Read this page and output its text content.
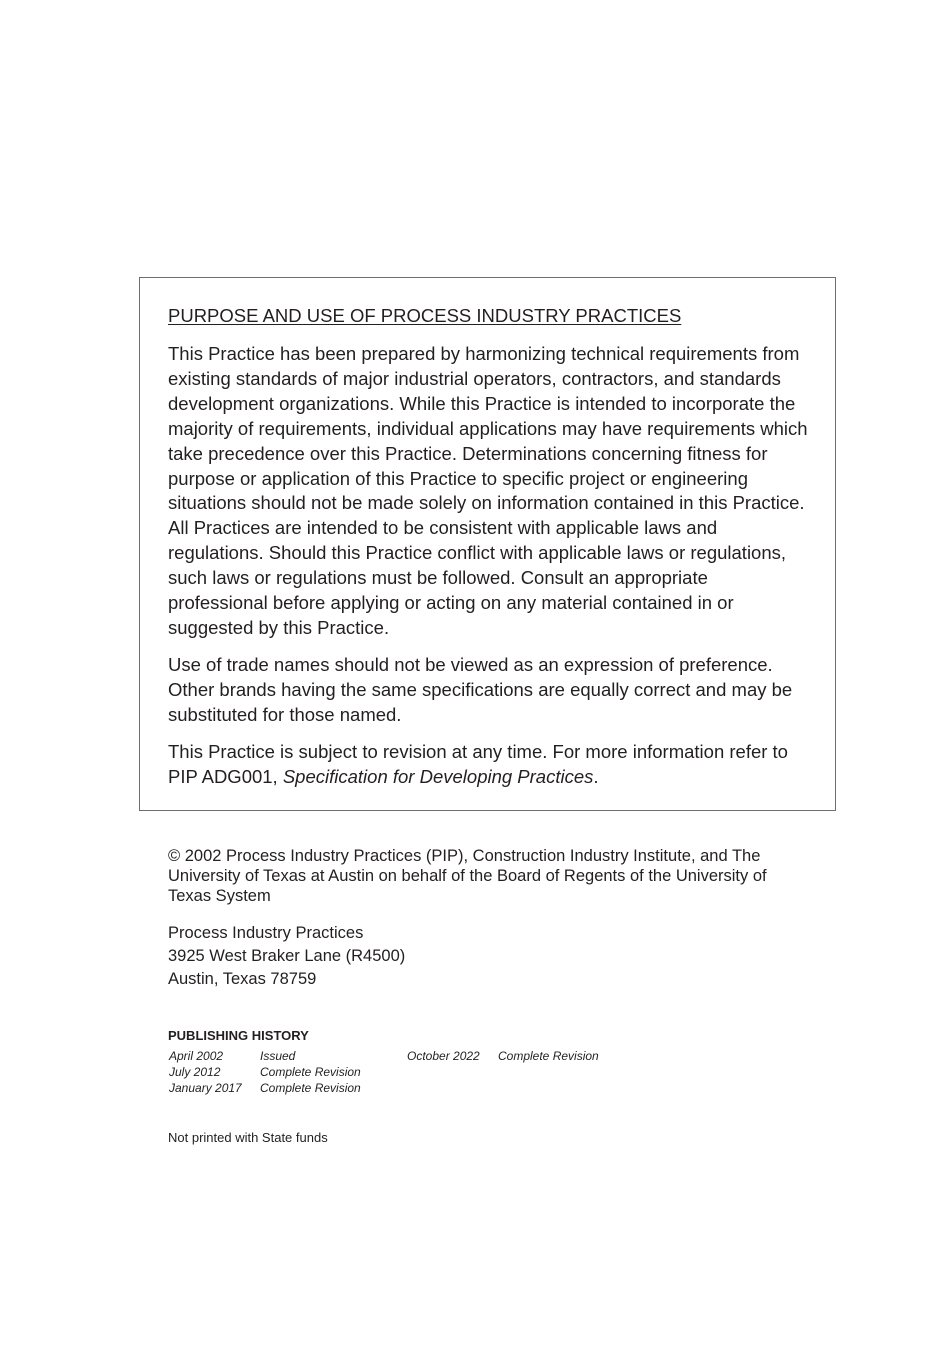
PURPOSE AND USE OF PROCESS INDUSTRY PRACTICES

This Practice has been prepared by harmonizing technical requirements from existing standards of major industrial operators, contractors, and standards development organizations. While this Practice is intended to incorporate the majority of requirements, individual applications may have requirements which take precedence over this Practice. Determinations concerning fitness for purpose or application of this Practice to specific project or engineering situations should not be made solely on information contained in this Practice. All Practices are intended to be consistent with applicable laws and regulations. Should this Practice conflict with applicable laws or regulations, such laws or regulations must be followed. Consult an appropriate professional before applying or acting on any material contained in or suggested by this Practice.

Use of trade names should not be viewed as an expression of preference. Other brands having the same specifications are equally correct and may be substituted for those named.

This Practice is subject to revision at any time. For more information refer to PIP ADG001, Specification for Developing Practices.

© 2002 Process Industry Practices (PIP), Construction Industry Institute, and The University of Texas at Austin on behalf of the Board of Regents of the University of Texas System

Process Industry Practices
3925 West Braker Lane (R4500)
Austin, Texas 78759
PUBLISHING HISTORY
April 2002	Issued
July 2012	Complete Revision
January 2017 Complete Revision
October 2022 Complete Revision
Not printed with State funds
